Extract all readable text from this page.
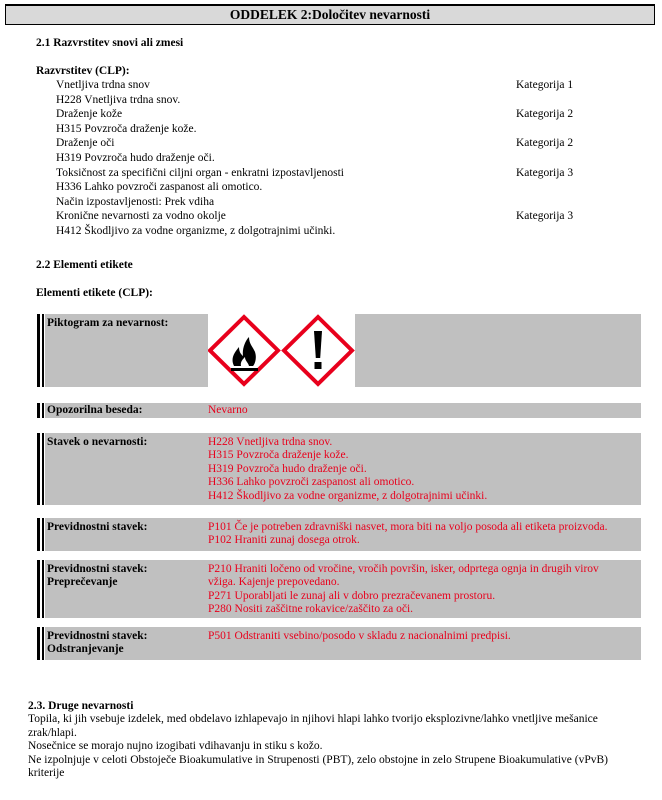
ODDELEK 2:Določitev nevarnosti
2.1 Razvrstitev snovi ali zmesi
Razvrstitev (CLP):
Vnetljiva trdna snov	Kategorija 1
H228 Vnetljiva trdna snov.
Draženje kože	Kategorija 2
H315 Povzroča draženje kože.
Draženje oči	Kategorija 2
H319 Povzroča hudo draženje oči.
Toksičnost za specifični ciljni organ - enkratni izpostavljenosti	Kategorija 3
H336 Lahko povzroči zaspanost ali omotico.
Način izpostavljenosti: Prek vdiha
Kronične nevarnosti za vodno okolje	Kategorija 3
H412 Škodljivo za vodne organizme, z dolgotrajnimi učinki.
2.2 Elementi etikete
Elementi etikete (CLP):
Piktogram za nevarnost:
Opozorilna beseda:	Nevarno
Stavek o nevarnosti:	H228 Vnetljiva trdna snov.
H315 Povzroča draženje kože.
H319 Povzroča hudo draženje oči.
H336 Lahko povzroči zaspanost ali omotico.
H412 Škodljivo za vodne organizme, z dolgotrajnimi učinki.
Previdnostni stavek:	P101 Če je potreben zdravniški nasvet, mora biti na voljo posoda ali etiketa proizvoda.
P102 Hraniti zunaj dosega otrok.
Previdnostni stavek:
Preprečevanje
P210 Hraniti ločeno od vročine, vročih površin, isker, odprtega ognja in drugih virov
vžiga. Kajenje prepovedano.
P271 Uporabljati le zunaj ali v dobro prezračevanem prostoru.
P280 Nositi zaščitne rokavice/zaščito za oči.
Previdnostni stavek:
Odstranjevanje
P501 Odstraniti vsebino/posodo v skladu z nacionalnimi predpisi.
2.3. Druge nevarnosti
Topila, ki jih vsebuje izdelek, med obdelavo izhlapevajo in njihovi hlapi lahko tvorijo eksplozivne/lahko vnetljive mešanice
zrak/hlapi.
Nosečnice se morajo nujno izogibati vdihavanju in stiku s kožo.
Ne izpolnjuje v celoti Obstoječe Bioakumulative in Strupenosti (PBT), zelo obstojne in zelo Strupene Bioakumulative (vPvB)
kriterije
